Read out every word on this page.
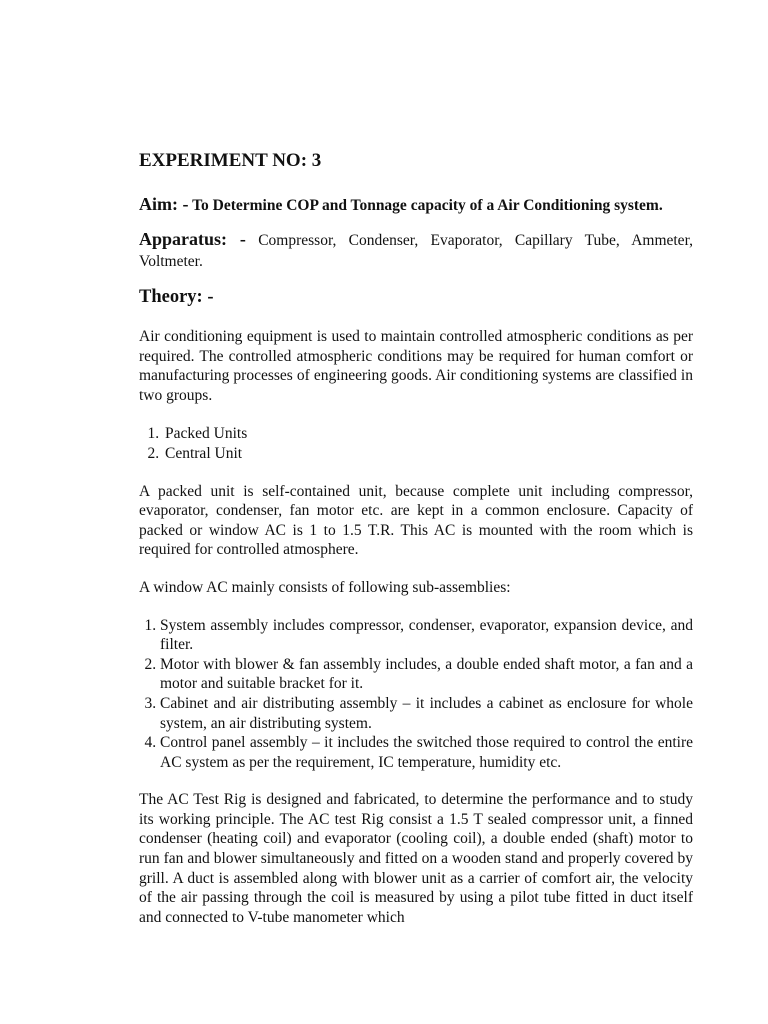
EXPERIMENT NO: 3
Aim: - To Determine COP and Tonnage capacity of a Air Conditioning system.
Apparatus: - Compressor, Condenser, Evaporator, Capillary Tube, Ammeter, Voltmeter.
Theory: -

Air conditioning equipment is used to maintain controlled atmospheric conditions as per required. The controlled atmospheric conditions may be required for human comfort or manufacturing processes of engineering goods. Air conditioning systems are classified in two groups.

1. Packed Units
2. Central Unit

A packed unit is self-contained unit, because complete unit including compressor, evaporator, condenser, fan motor etc. are kept in a common enclosure. Capacity of packed or window AC is 1 to 1.5 T.R. This AC is mounted with the room which is required for controlled atmosphere.

A window AC mainly consists of following sub-assemblies:

1. System assembly includes compressor, condenser, evaporator, expansion device, and filter.
2. Motor with blower & fan assembly includes, a double ended shaft motor, a fan and a motor and suitable bracket for it.
3. Cabinet and air distributing assembly – it includes a cabinet as enclosure for whole system, an air distributing system.
4. Control panel assembly – it includes the switched those required to control the entire AC system as per the requirement, IC temperature, humidity etc.

The AC Test Rig is designed and fabricated, to determine the performance and to study its working principle. The AC test Rig consist a 1.5 T sealed compressor unit, a finned condenser (heating coil) and evaporator (cooling coil), a double ended (shaft) motor to run fan and blower simultaneously and fitted on a wooden stand and properly covered by grill. A duct is assembled along with blower unit as a carrier of comfort air, the velocity of the air passing through the coil is measured by using a pilot tube fitted in duct itself and connected to V-tube manometer which
